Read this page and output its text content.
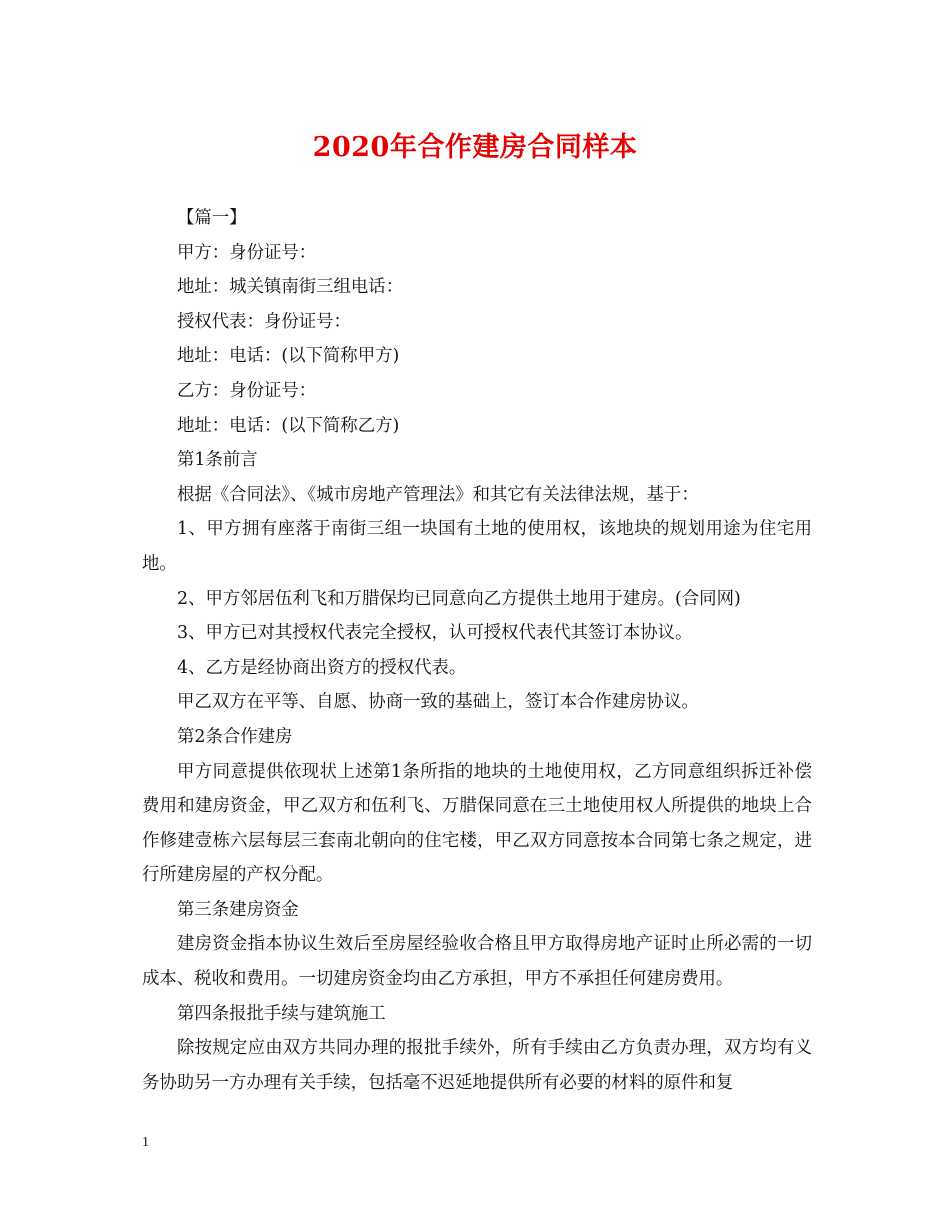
2020年合作建房合同样本

【篇一】

甲方：身份证号：

地址：城关镇南街三组电话：

授权代表：身份证号：

地址：电话：(以下简称甲方)

乙方：身份证号：

地址：电话：(以下简称乙方)

第1条前言

根据《合同法》、《城市房地产管理法》和其它有关法律法规，基于：

1、甲方拥有座落于南街三组一块国有土地的使用权，该地块的规划用途为住宅用地。

2、甲方邻居伍利飞和万腊保均已同意向乙方提供土地用于建房。(合同网)

3、甲方已对其授权代表完全授权，认可授权代表代其签订本协议。

4、乙方是经协商出资方的授权代表。

甲乙双方在平等、自愿、协商一致的基础上，签订本合作建房协议。

第2条合作建房

甲方同意提供依现状上述第1条所指的地块的土地使用权，乙方同意组织拆迁补偿费用和建房资金，甲乙双方和伍利飞、万腊保同意在三土地使用权人所提供的地块上合作修建壹栋六层每层三套南北朝向的住宅楼，甲乙双方同意按本合同第七条之规定，进行所建房屋的产权分配。

第三条建房资金

建房资金指本协议生效后至房屋经验收合格且甲方取得房地产证时止所必需的一切成本、税收和费用。一切建房资金均由乙方承担，甲方不承担任何建房费用。

第四条报批手续与建筑施工

除按规定应由双方共同办理的报批手续外，所有手续由乙方负责办理，双方均有义务协助另一方办理有关手续，包括毫不迟延地提供所有必要的材料的原件和复

1
